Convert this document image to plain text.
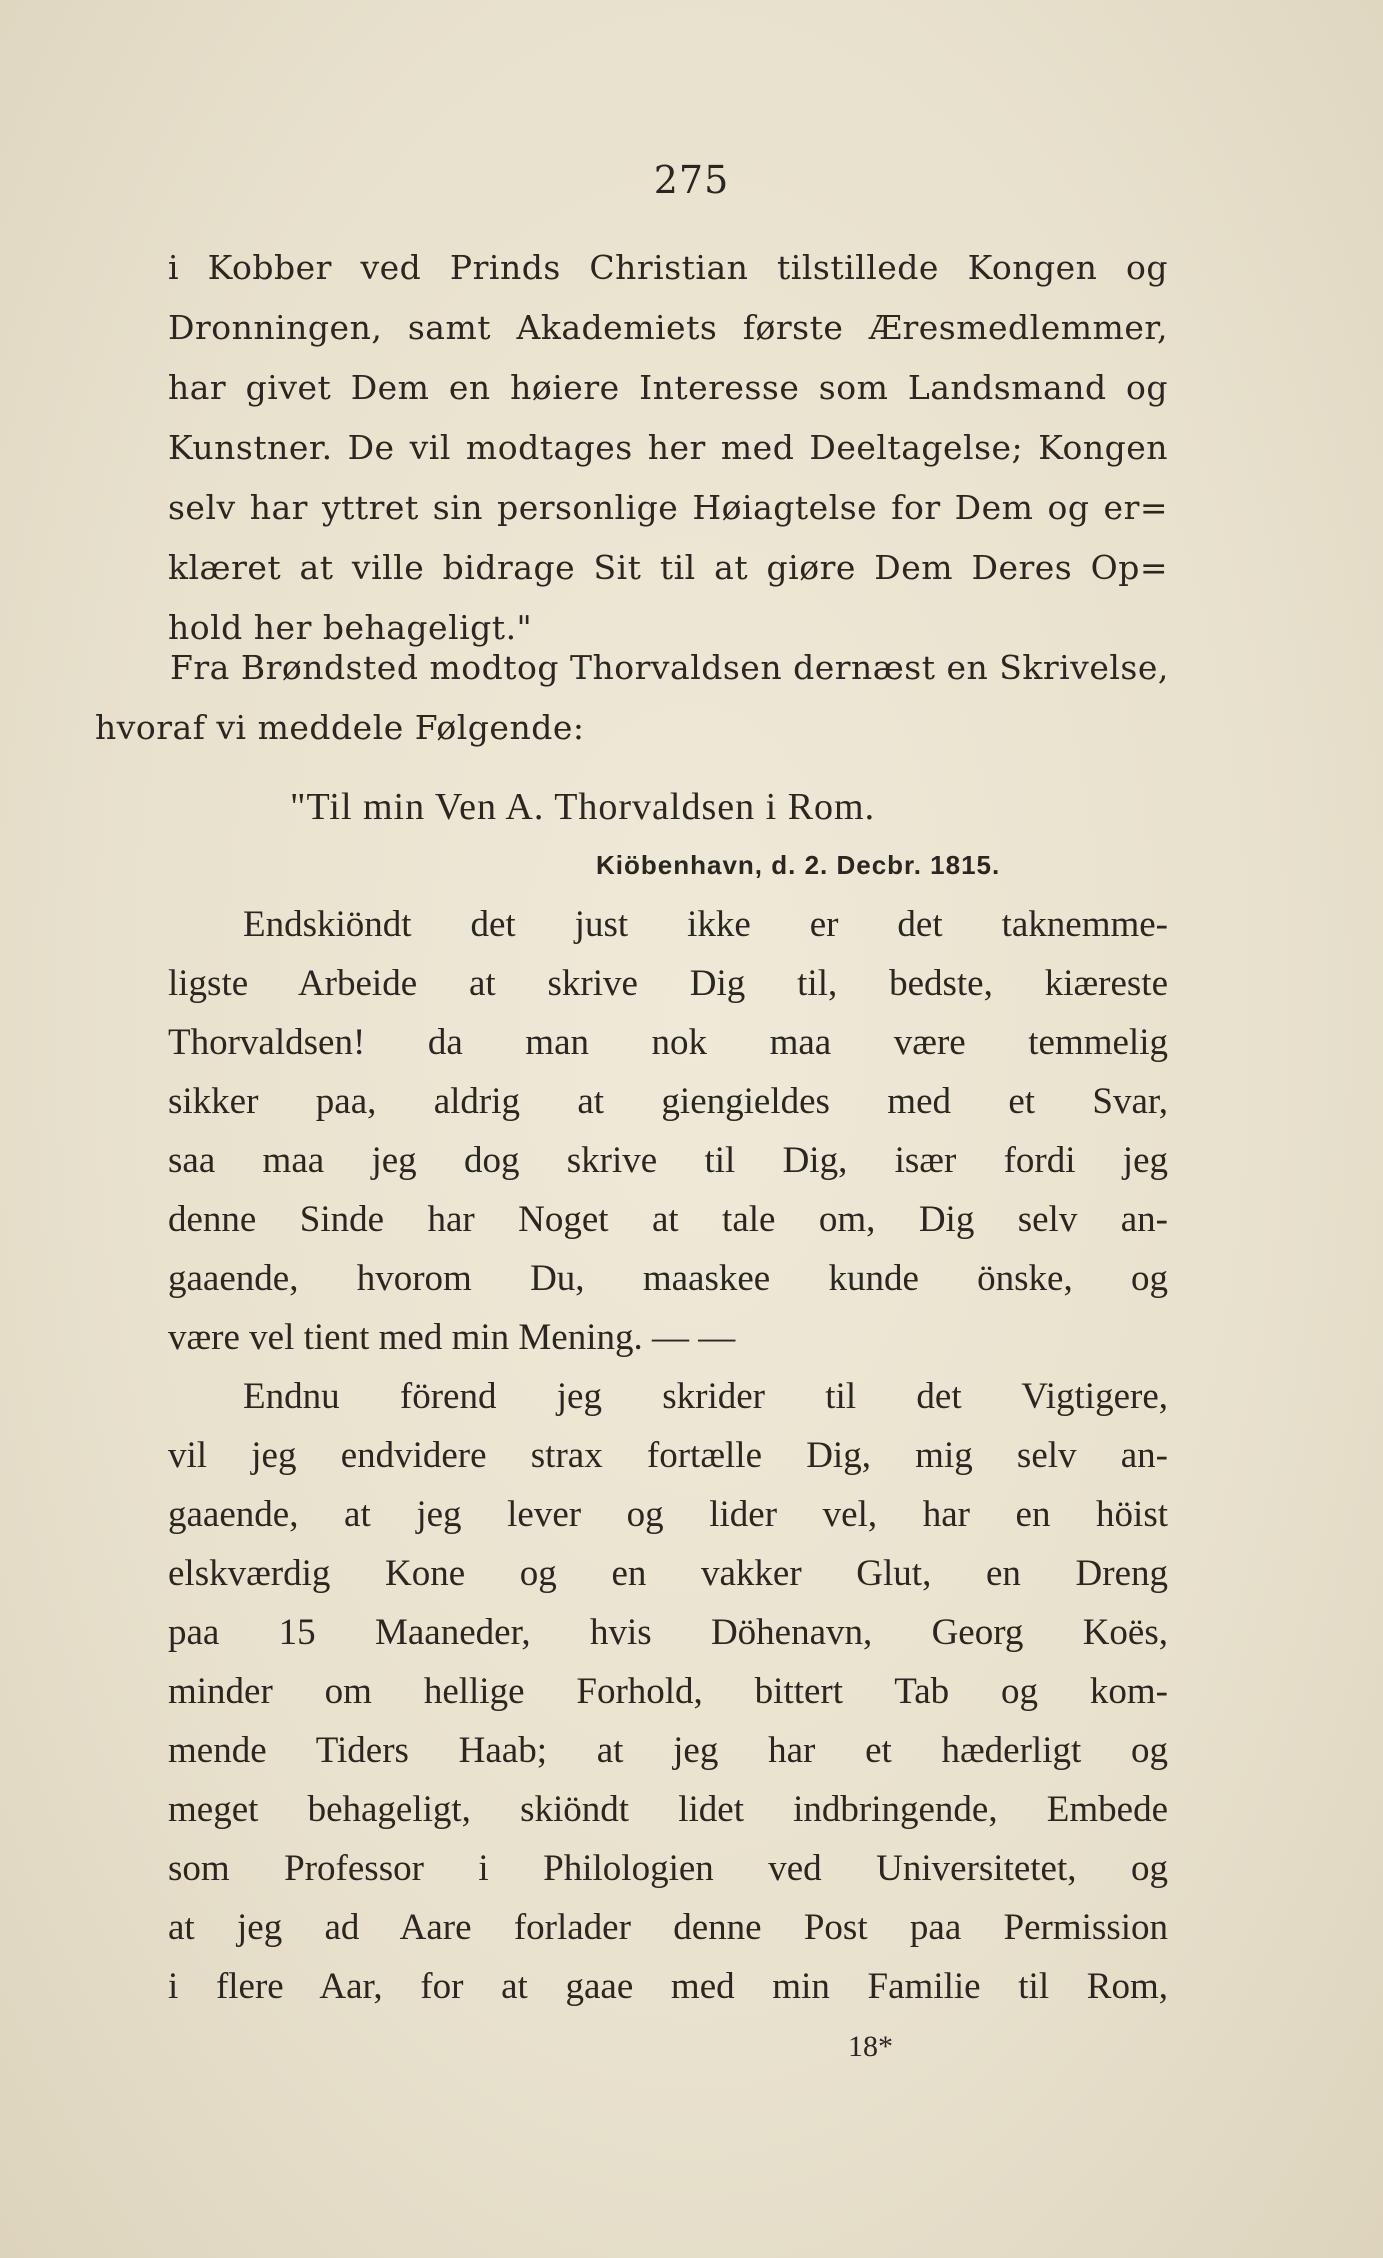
275
i Kobber ved Prinds Christian tilstillede Kongen og
Dronningen, samt Akademiets første Æresmedlemmer,
har givet Dem en høiere Interesse som Landsmand og
Kunstner. De vil modtages her med Deeltagelse; Kongen
selv har yttret sin personlige Høiagtelse for Dem og er=
klæret at ville bidrage Sit til at giøre Dem Deres Op=
hold her behageligt."
Fra Brøndsted modtog Thorvaldsen dernæst en Skrivelse,
hvoraf vi meddele Følgende:
"Til min Ven A. Thorvaldsen i Rom.
Kiöbenhavn, d. 2. Decbr. 1815.
Endskiöndt det just ikke er det taknemme-
ligste Arbeide at skrive Dig til, bedste, kiæreste
Thorvaldsen! da man nok maa være temmelig
sikker paa, aldrig at giengieldes med et Svar,
saa maa jeg dog skrive til Dig, især fordi jeg
denne Sinde har Noget at tale om, Dig selv an-
gaaende, hvorom Du, maaskee kunde önske, og
være vel tient med min Mening. — —
Endnu förend jeg skrider til det Vigtigere,
vil jeg endvidere strax fortælle Dig, mig selv an-
gaaende, at jeg lever og lider vel, har en höist
elskværdig Kone og en vakker Glut, en Dreng
paa 15 Maaneder, hvis Döhenavn, Georg Koës,
minder om hellige Forhold, bittert Tab og kom-
mende Tiders Haab; at jeg har et hæderligt og
meget behageligt, skiöndt lidet indbringende, Embede
som Professor i Philologien ved Universitetet, og
at jeg ad Aare forlader denne Post paa Permission
i flere Aar, for at gaae med min Familie til Rom,
18*
